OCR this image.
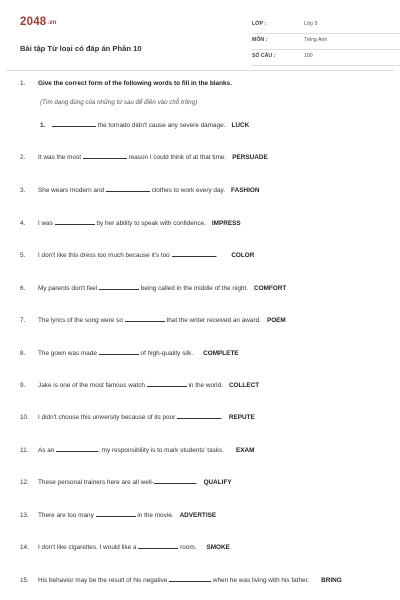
2048.vn
Bài tập Từ loại có đáp án Phần 10
LỚP :	Lớp 9
MÔN :	Tiếng Anh
SỐ CÂU :	100
1. Give the correct form of the following words to fill in the blanks.
(Tìm dạng đúng của những từ sau để điền vào chỗ trống)
1.	the tornado didn't cause any severe damage. LUCK
2. It was the most	reason I could think of at that time. PERSUADE
3. She wears modern and	clothes to work every day. FASHION
4. I was	by her ability to speak with confidence. IMPRESS
5. I don't like this dress too much because it's too	. COLOR
6. My parents don't feel	being called in the middle of the night. COMFORT
7. The lyrics of the song were so	that the writer received an award. POEM
8. The gown was made	of high-quality silk. COMPLETE
9. Jake is one of the most famous watch	in the world. COLLECT
10. I didn't choose this university because of its poor	. REPUTE
11. As an	, my responsibility is to mark students' tasks. EXAM
12. These personal trainers here are all well-	. QUALIFY
13. There are too many	in the movie. ADVERTISE
14. I don't like cigarettes. I would like a	room. SMOKE
15. His behavior may be the result of his negative	when he was living with his father. BRING
